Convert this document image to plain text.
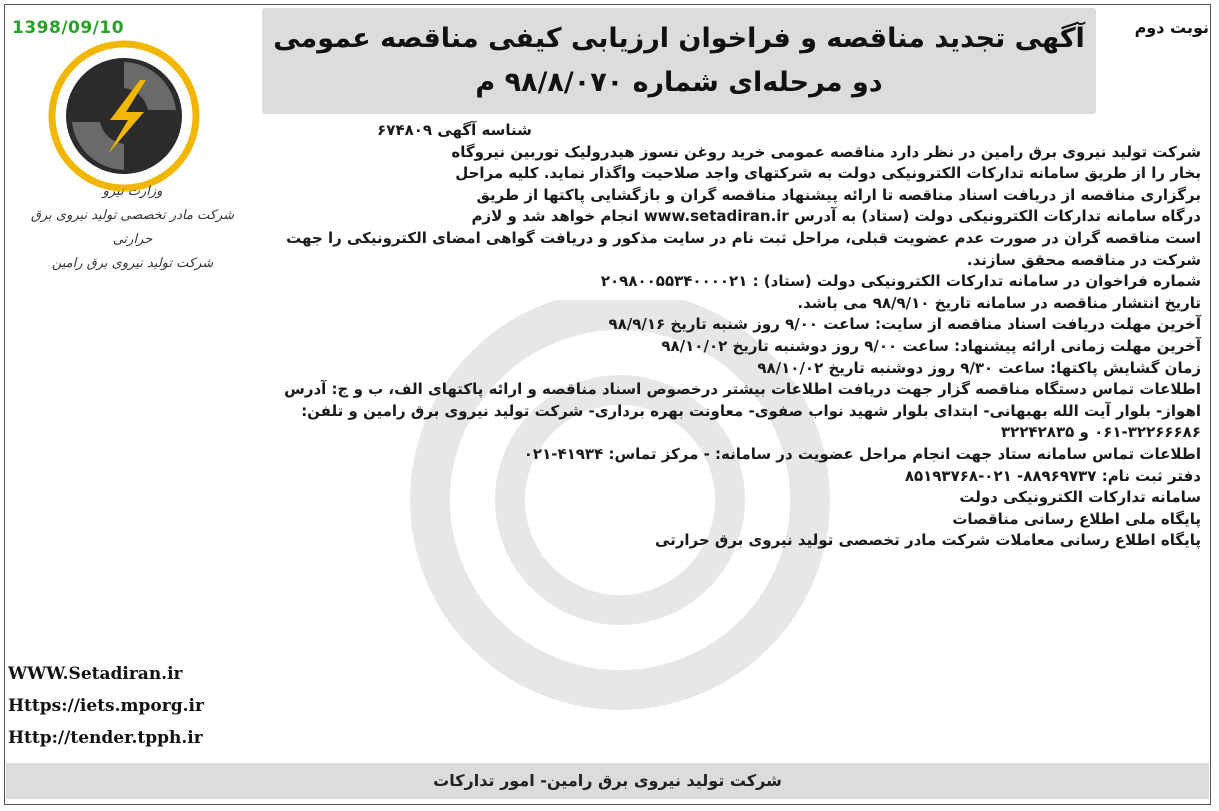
1398/09/10	نوبت دوم
آگهی تجدید مناقصه و فراخوان ارزیابی کیفی مناقصه عمومی
دو مرحله‌ای شماره ۹۸/۸/۰۷۰ م
وزارت نیرو
شرکت مادر تخصصی تولید نیروی برق حرارتی
شرکت تولید نیروی برق رامین

شناسه آگهی ۶۷۴۸۰۹

شرکت تولید نیروی برق رامین در نظر دارد مناقصه عمومی خرید روغن نسوز هیدرولیک توربین نیروگاه

بخار را از طریق سامانه تدارکات الکترونیکی دولت به شرکتهای واجد صلاحیت واگذار نماید. کلیه مراحل

برگزاری مناقصه از دریافت اسناد مناقصه تا ارائه پیشنهاد مناقصه گران و بازگشایی پاکتها از طریق

درگاه سامانه تدارکات الکترونیکی دولت (ستاد) به آدرس www.setadiran.ir انجام خواهد شد و لازم

است مناقصه گران در صورت عدم عضویت قبلی، مراحل ثبت نام در سایت مذکور و دریافت گواهی امضای الکترونیکی را جهت

شرکت در مناقصه محقق سازند.

شماره فراخوان در سامانه تدارکات الکترونیکی دولت (ستاد) : ۲۰۹۸۰۰۵۵۳۴۰۰۰۰۲۱

تاریخ انتشار مناقصه در سامانه تاریخ ۹۸/۹/۱۰ می باشد.

آخرین مهلت دریافت اسناد مناقصه از سایت: ساعت ۹/۰۰ روز شنبه تاریخ ۹۸/۹/۱۶

آخرین مهلت زمانی ارائه پیشنهاد: ساعت ۹/۰۰ روز دوشنبه تاریخ ۹۸/۱۰/۰۲

زمان گشایش پاکتها: ساعت ۹/۳۰ روز دوشنبه تاریخ ۹۸/۱۰/۰۲

اطلاعات تماس دستگاه مناقصه گزار جهت دریافت اطلاعات بیشتر درخصوص اسناد مناقصه و ارائه پاکتهای الف، ب و ج: آدرس

اهواز- بلوار آیت الله بهبهانی- ابتدای بلوار شهید نواب صفوی- معاونت بهره برداری- شرکت تولید نیروی برق رامین و تلفن:

۰۶۱-۳۲۲۶۶۶۸۶ و ۳۲۲۴۲۸۳۵

اطلاعات تماس سامانه ستاد جهت انجام مراحل عضویت در سامانه: - مرکز تماس: ۴۱۹۳۴-۰۲۱

دفتر ثبت نام: ۸۸۹۶۹۷۳۷- ۰۲۱-۸۵۱۹۳۷۶۸

سامانه تدارکات الکترونیکی دولت

پایگاه ملی اطلاع رسانی مناقصات

پایگاه اطلاع رسانی معاملات شرکت مادر تخصصی تولید نیروی برق حرارتی

WWW.Setadiran.ir
Https://iets.mporg.ir
Http://tender.tpph.ir
شرکت تولید نیروی برق رامین- امور تدارکات
